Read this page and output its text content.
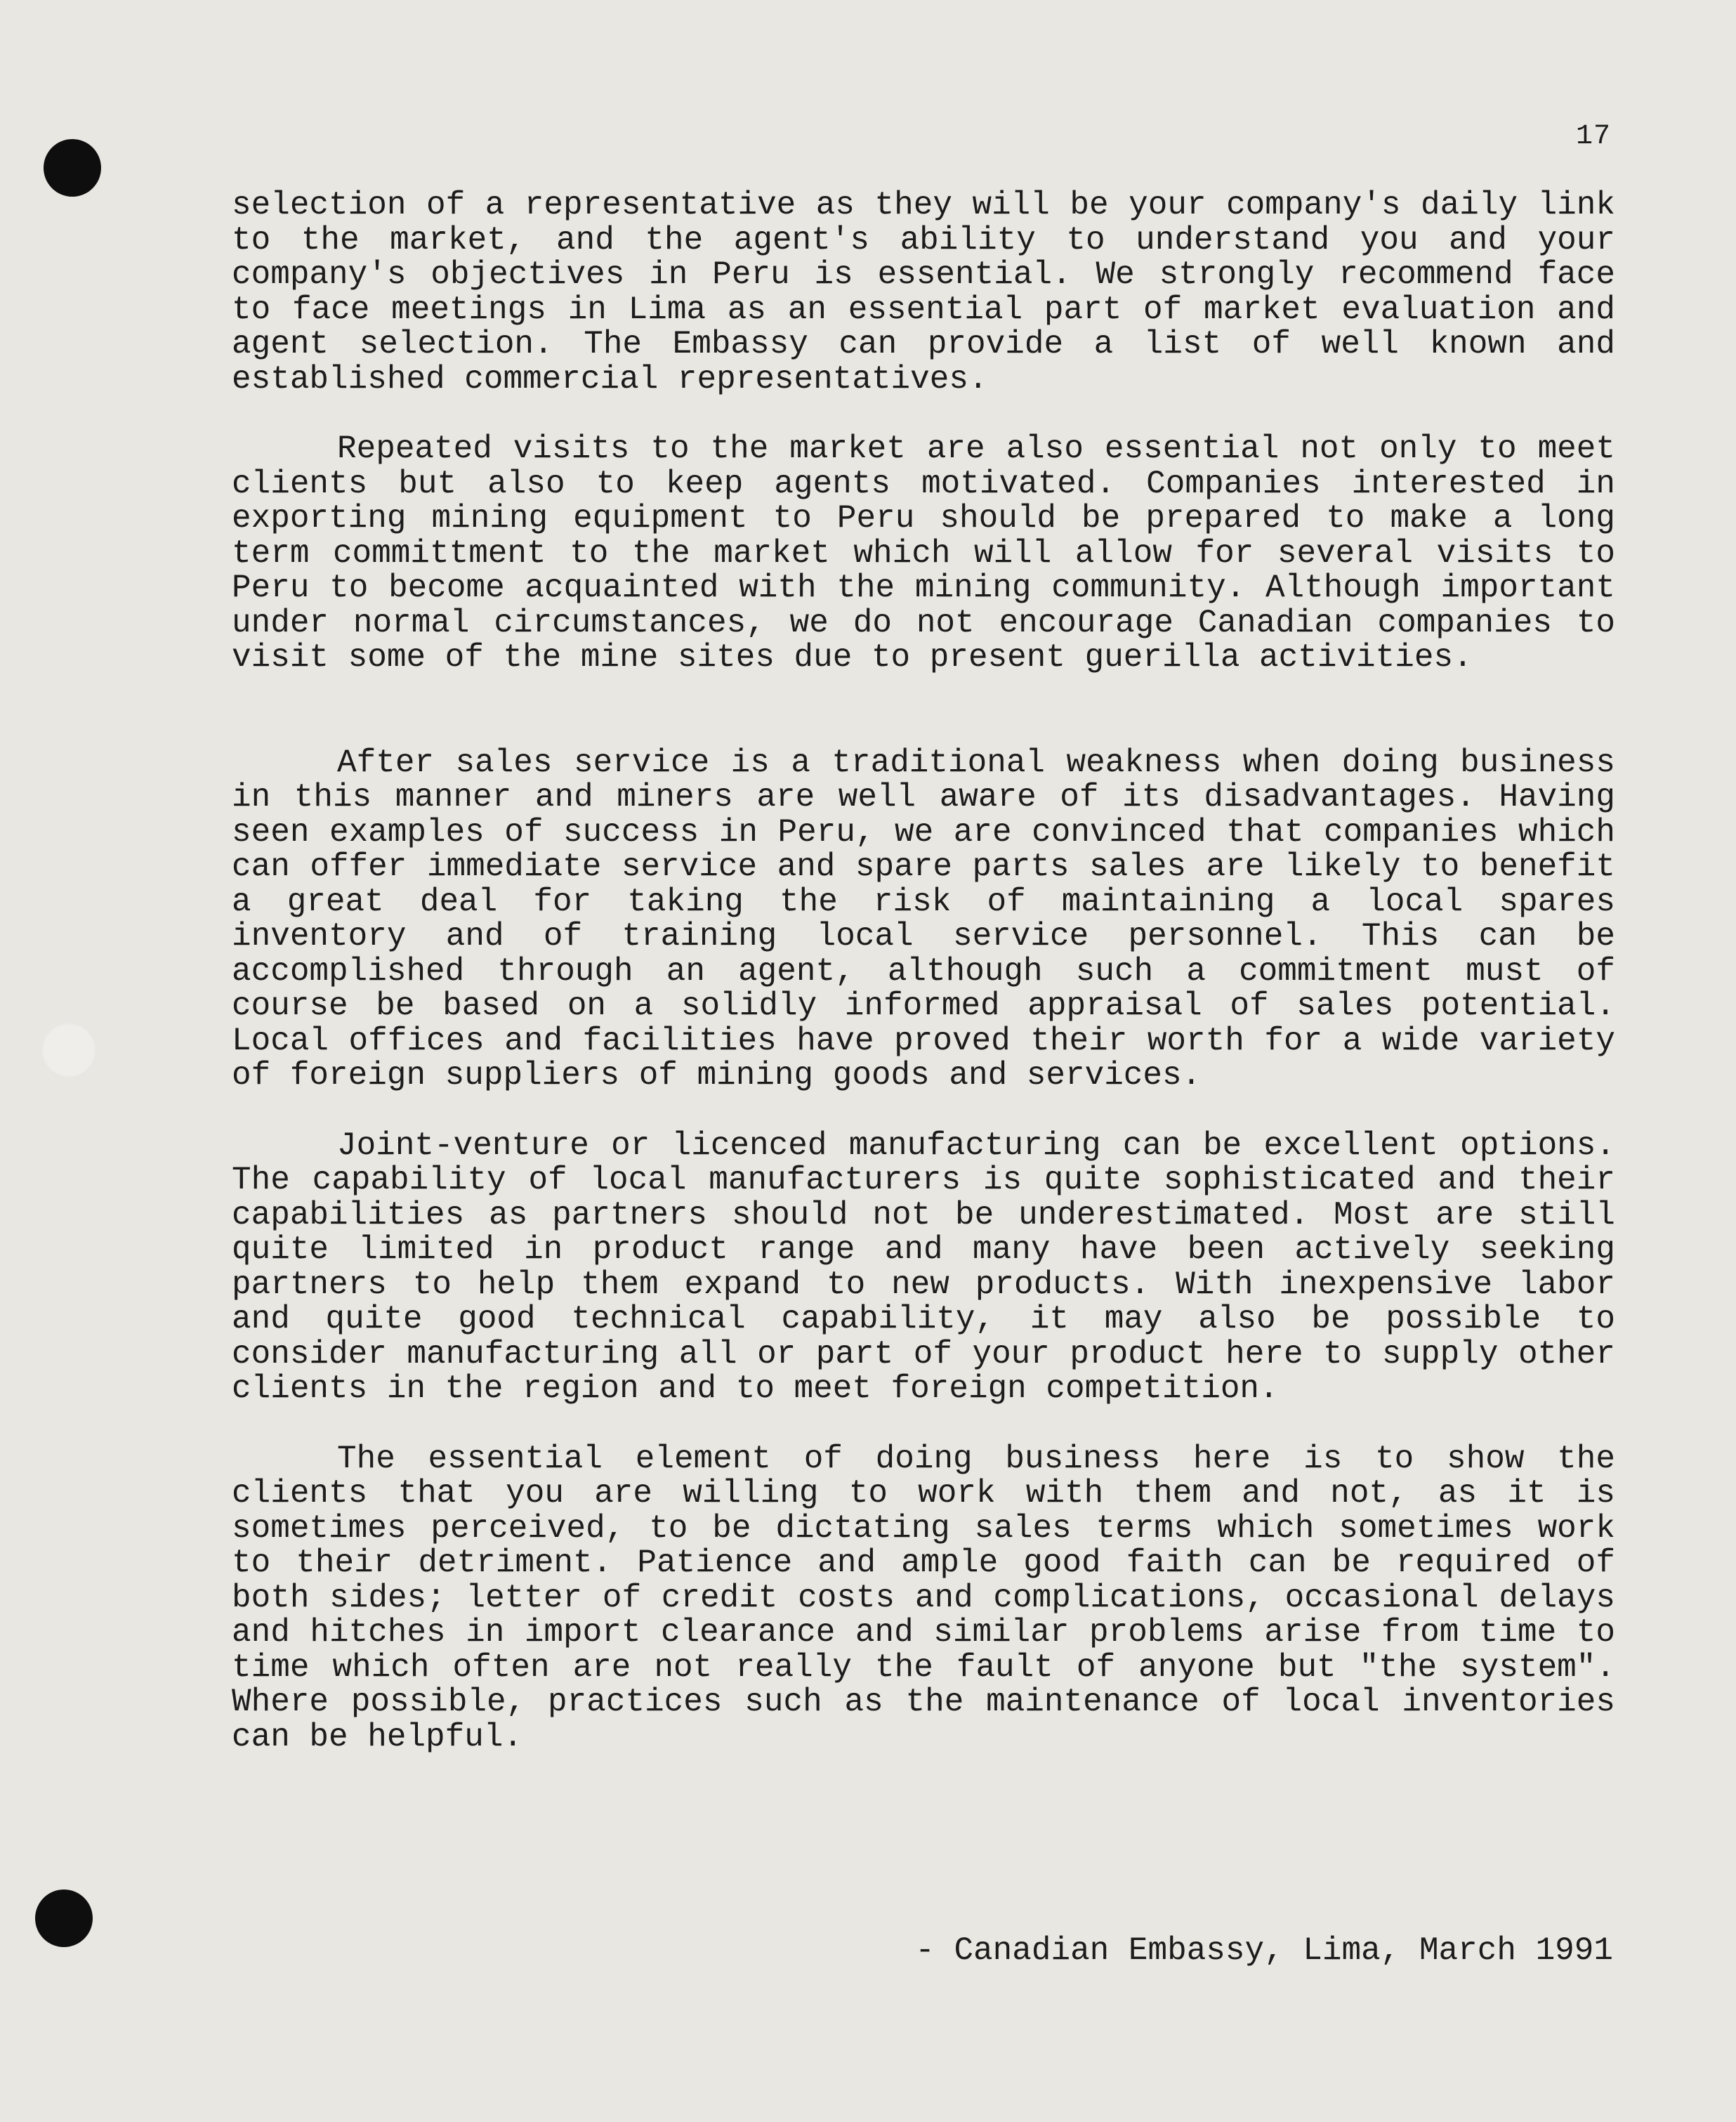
17

selection of a representative as they will be your company's daily link to the market, and the agent's ability to understand you and your company's objectives in Peru is essential. We strongly recommend face to face meetings in Lima as an essential part of market evaluation and agent selection. The Embassy can provide a list of well known and established commercial representatives.

Repeated visits to the market are also essential not only to meet clients but also to keep agents motivated. Companies interested in exporting mining equipment to Peru should be prepared to make a long term committment to the market which will allow for several visits to Peru to become acquainted with the mining community. Although important under normal circumstances, we do not encourage Canadian companies to visit some of the mine sites due to present guerilla activities.

After sales service is a traditional weakness when doing business in this manner and miners are well aware of its disadvantages. Having seen examples of success in Peru, we are convinced that companies which can offer immediate service and spare parts sales are likely to benefit a great deal for taking the risk of maintaining a local spares inventory and of training local service personnel. This can be accomplished through an agent, although such a commitment must of course be based on a solidly informed appraisal of sales potential. Local offices and facilities have proved their worth for a wide variety of foreign suppliers of mining goods and services.

Joint-venture or licenced manufacturing can be excellent options. The capability of local manufacturers is quite sophisticated and their capabilities as partners should not be underestimated. Most are still quite limited in product range and many have been actively seeking partners to help them expand to new products. With inexpensive labor and quite good technical capability, it may also be possible to consider manufacturing all or part of your product here to supply other clients in the region and to meet foreign competition.

The essential element of doing business here is to show the clients that you are willing to work with them and not, as it is sometimes perceived, to be dictating sales terms which sometimes work to their detriment. Patience and ample good faith can be required of both sides; letter of credit costs and complications, occasional delays and hitches in import clearance and similar problems arise from time to time which often are not really the fault of anyone but "the system". Where possible, practices such as the maintenance of local inventories can be helpful.

- Canadian Embassy, Lima, March 1991
